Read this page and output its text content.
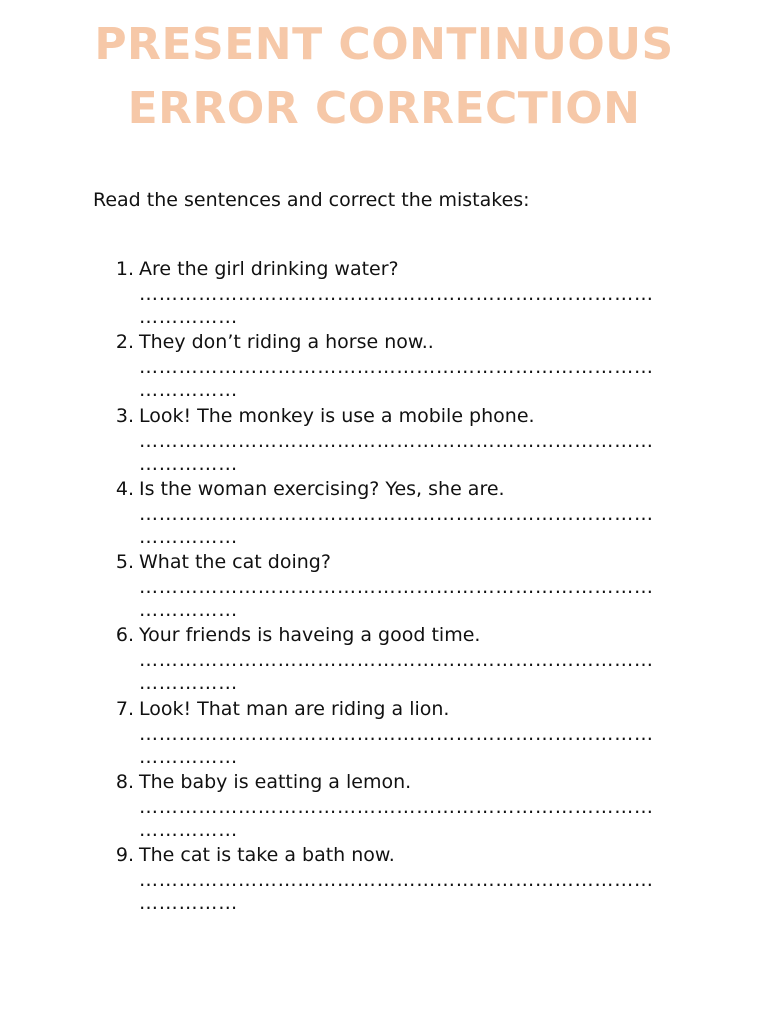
PRESENT CONTINUOUS
ERROR CORRECTION

Read the sentences and correct the mistakes:

1. Are the girl drinking water?
…………………………………………………………………………………
2. They don’t riding a horse now..
…………………………………………………………………………………
3. Look! The monkey is use a mobile phone.
…………………………………………………………………………………
4. Is the woman exercising? Yes, she are.
…………………………………………………………………………………
5. What the cat doing?
…………………………………………………………………………………
6. Your friends is haveing a good time.
…………………………………………………………………………………
7. Look! That man are riding a lion.
…………………………………………………………………………………
8. The baby is eatting a lemon.
…………………………………………………………………………………
9. The cat is take a bath now.
…………………………………………………………………………………
